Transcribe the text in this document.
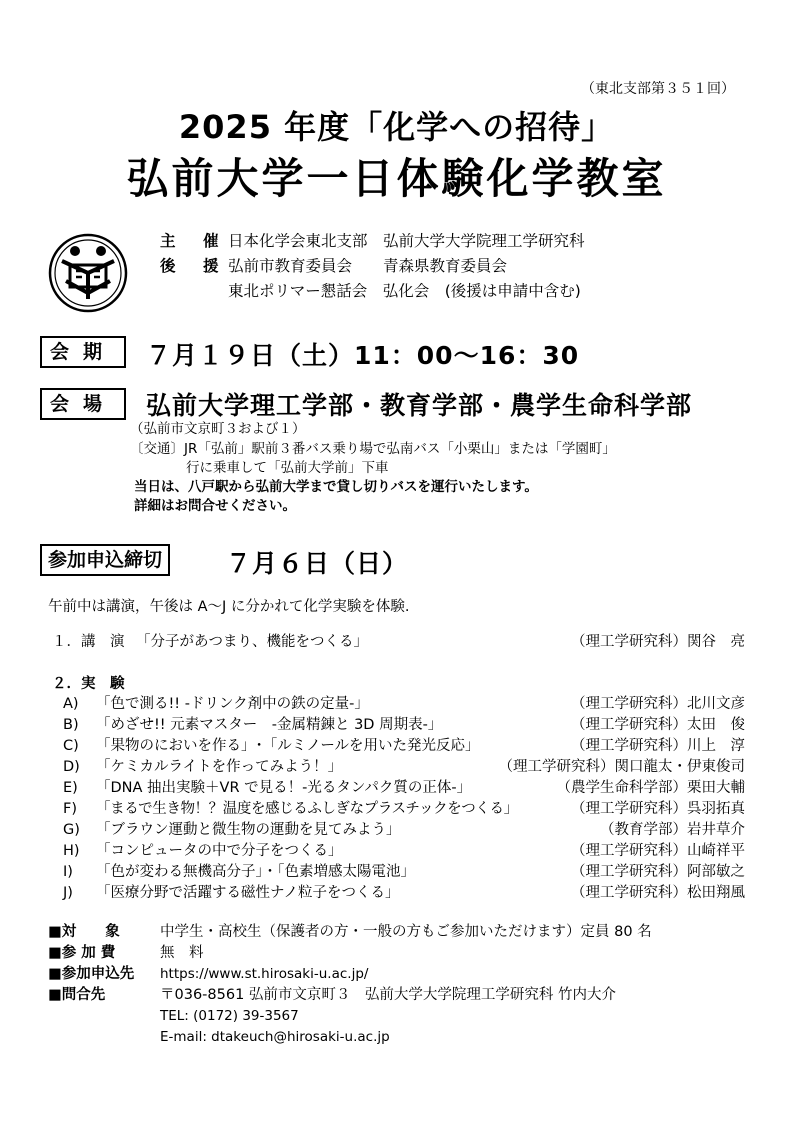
（東北支部第３５１回）
2025 年度「化学への招待」
弘前大学一日体験化学教室
主　催 日本化学会東北支部　弘前大学大学院理工学研究科
後　援 弘前市教育委員会　　青森県教育委員会
東北ポリマー懇話会　弘化会　(後援は申請中含む)
会期	７月１９日（土）11：00～16：30
会場	弘前大学理工学部・教育学部・農学生命科学部
（弘前市文京町３および１）
〔交通〕JR「弘前」駅前３番バス乗り場で弘南バス「小栗山」または「学園町」
行に乗車して「弘前大学前」下車
当日は、八戸駅から弘前大学まで貸し切りバスを運行いたします。
詳細はお問合せください。
参加申込締切	７月６日（日）
午前中は講演，午後は A～J に分かれて化学実験を体験.
１．講　演 「分子があつまり、機能をつくる」	（理工学研究科）関谷　亮
２．実　験
A) 「色で測る!! -ドリンク剤中の鉄の定量-」	（理工学研究科）北川文彦
B) 「めざせ!! 元素マスター　-金属精錬と 3D 周期表-」	（理工学研究科）太田　俊
C) 「果物のにおいを作る」･「ルミノールを用いた発光反応」	（理工学研究科）川上　淳
D) 「ケミカルライトを作ってみよう！」	（理工学研究科）関口龍太・伊東俊司
E) 「DNA 抽出実験＋VR で見る！-光るタンパク質の正体-」	（農学生命科学部）栗田大輔
F) 「まるで生き物！？温度を感じるふしぎなプラスチックをつくる」	（理工学研究科）呉羽拓真
G) 「ブラウン運動と微生物の運動を見てみよう」	（教育学部）岩井草介
H) 「コンピュータの中で分子をつくる」	（理工学研究科）山崎祥平
I) 「色が変わる無機高分子」・「色素増感太陽電池」	（理工学研究科）阿部敏之
J) 「医療分野で活躍する磁性ナノ粒子をつくる」	（理工学研究科）松田翔風
■対　　象	中学生・高校生（保護者の方・一般の方もご参加いただけます）定員 80 名
■参 加 費	無　料
■参加申込先 https://www.st.hirosaki-u.ac.jp/
■問合先	〒036-8561 弘前市文京町３　弘前大学大学院理工学研究科 竹内大介
TEL: (0172) 39-3567
E-mail: dtakeuch@hirosaki-u.ac.jp
